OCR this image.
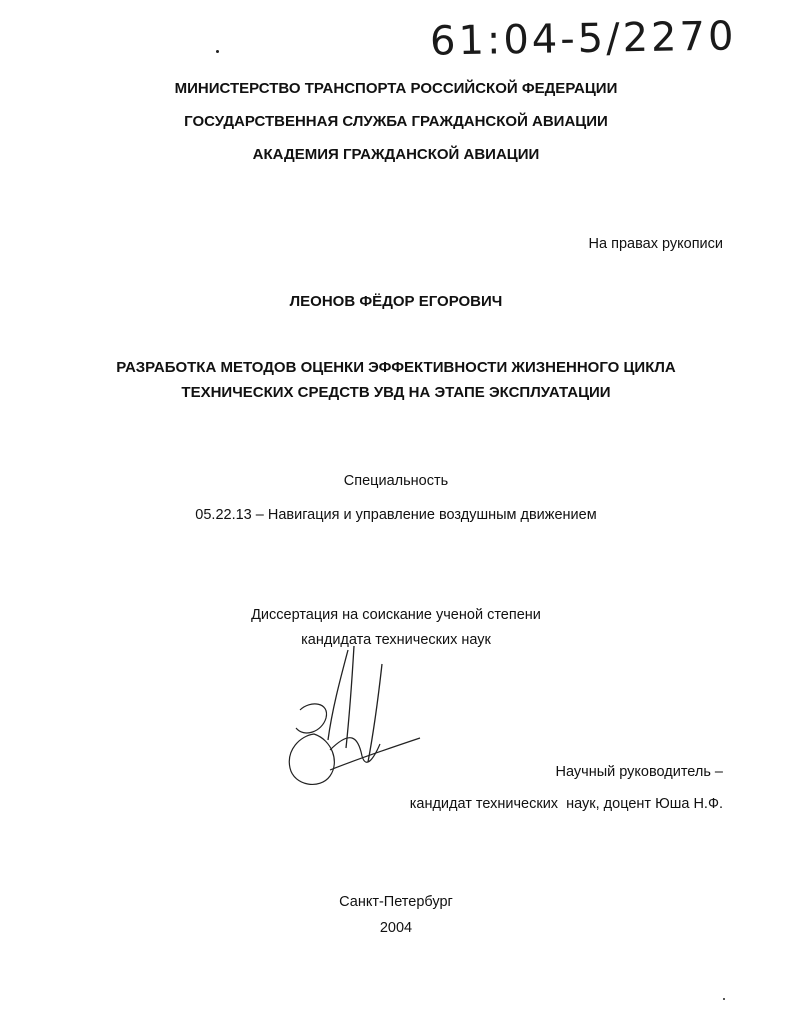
61:04-5/2270
МИНИСТЕРСТВО ТРАНСПОРТА РОССИЙСКОЙ ФЕДЕРАЦИИ
ГОСУДАРСТВЕННАЯ СЛУЖБА ГРАЖДАНСКОЙ АВИАЦИИ
АКАДЕМИЯ ГРАЖДАНСКОЙ АВИАЦИИ
На правах рукописи
ЛЕОНОВ ФЁДОР ЕГОРОВИЧ
РАЗРАБОТКА МЕТОДОВ ОЦЕНКИ ЭФФЕКТИВНОСТИ ЖИЗНЕННОГО ЦИКЛА
ТЕХНИЧЕСКИХ СРЕДСТВ УВД НА ЭТАПЕ ЭКСПЛУАТАЦИИ
Специальность
05.22.13 – Навигация и управление воздушным движением
Диссертация на соискание ученой степени
кандидата технических наук
Научный руководитель –
кандидат технических  наук, доцент Юша Н.Ф.
Санкт-Петербург
2004
